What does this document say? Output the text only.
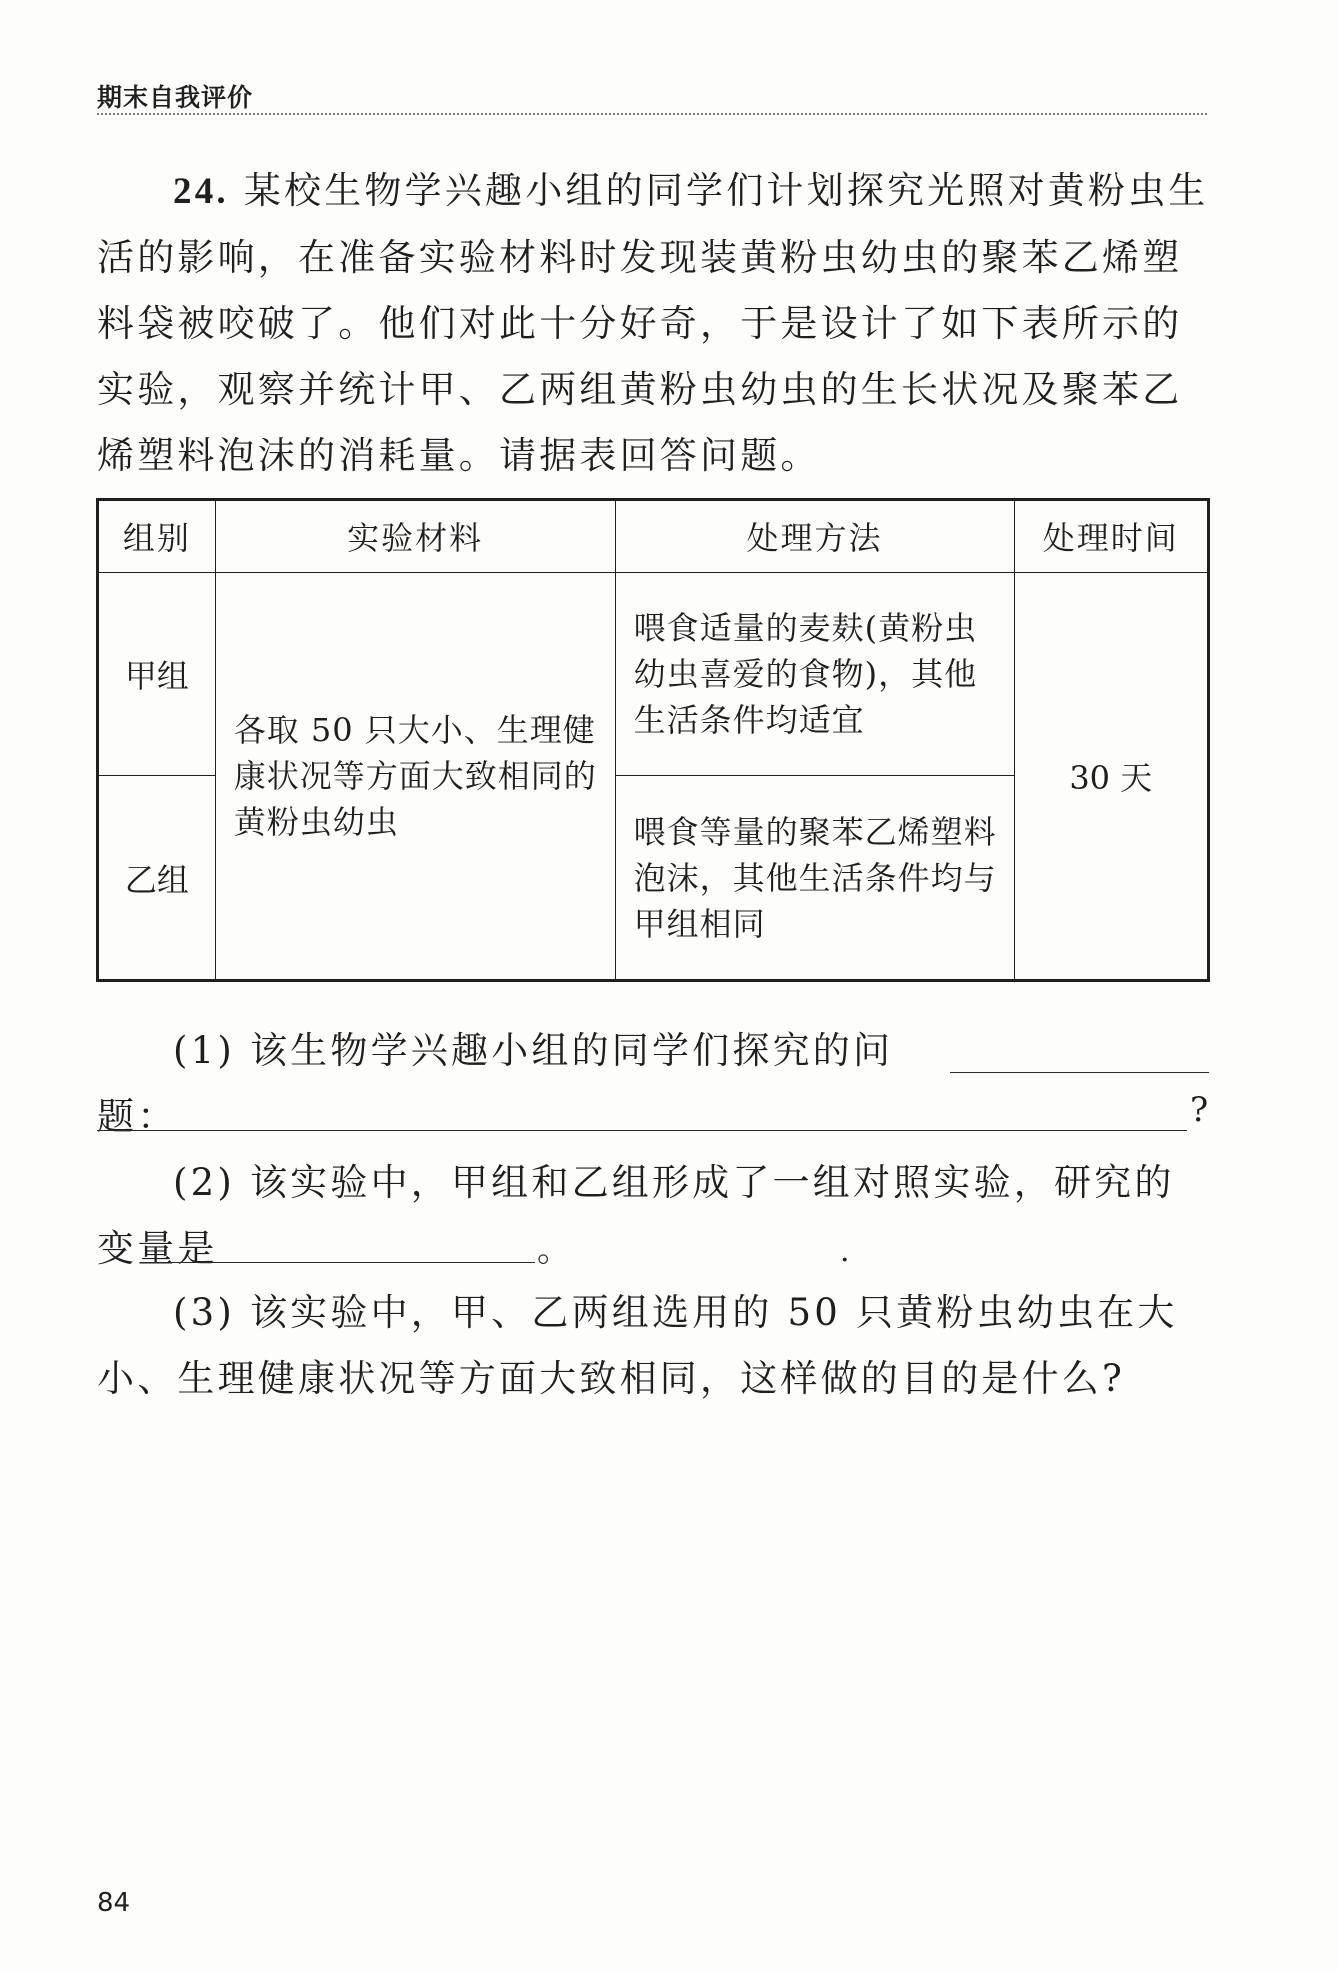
期末自我评价

24. 某校生物学兴趣小组的同学们计划探究光照对黄粉虫生活的影响，在准备实验材料时发现装黄粉虫幼虫的聚苯乙烯塑料袋被咬破了。他们对此十分好奇，于是设计了如下表所示的实验，观察并统计甲、乙两组黄粉虫幼虫的生长状况及聚苯乙烯塑料泡沫的消耗量。请据表回答问题。

组别	实验材料	处理方法	处理时间
甲组	各取 50 只大小、生理健康状况等方面大致相同的黄粉虫幼虫	喂食适量的麦麸(黄粉虫幼虫喜爱的食物)，其他生活条件均适宜	30 天
乙组		喂食等量的聚苯乙烯塑料泡沫，其他生活条件均与甲组相同	

(1) 该生物学兴趣小组的同学们探究的问题：	?

(2) 该实验中，甲组和乙组形成了一组对照实验，研究的变量是	。	·

(3) 该实验中，甲、乙两组选用的 50 只黄粉虫幼虫在大小、生理健康状况等方面大致相同，这样做的目的是什么?

84
